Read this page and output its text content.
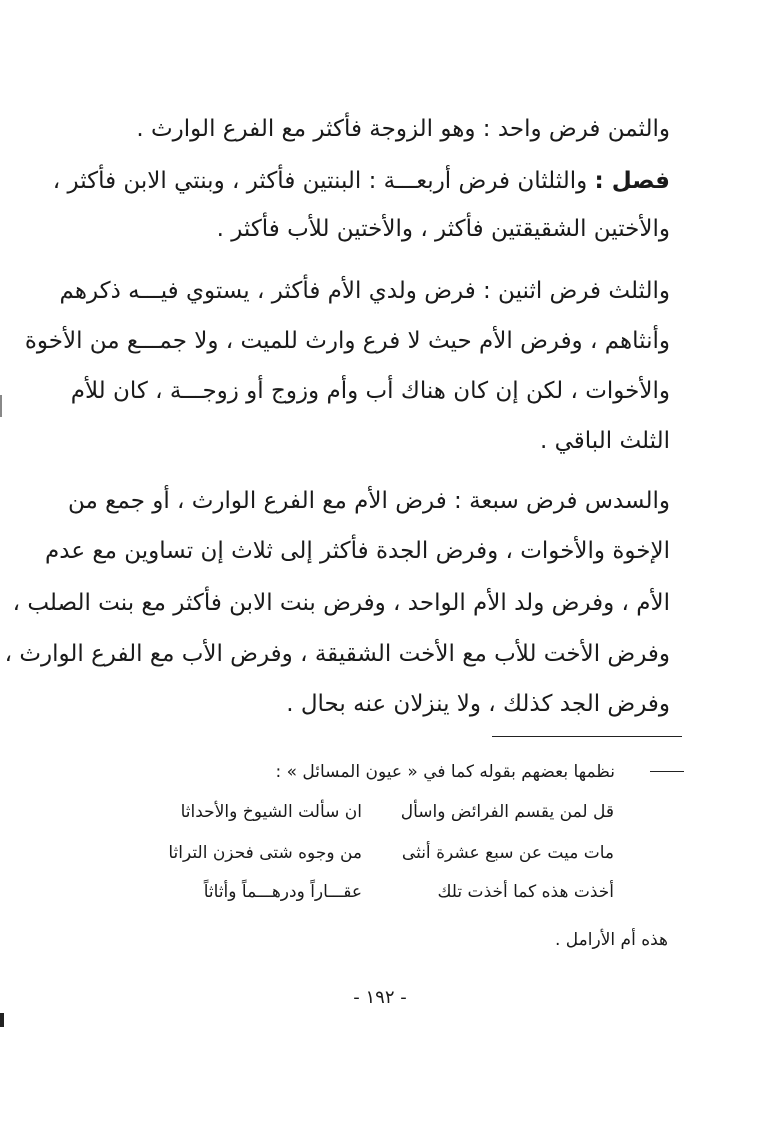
والثمن فرض واحد : وهو الزوجة فأكثر مع الفرع الوارث .
فصل : والثلثان فرض أربعـــة : البنتين فأكثر ، وبنتي الابن فأكثر ،
والأختين الشقيقتين فأكثر ، والأختين للأب فأكثر .
والثلث فرض اثنين : فرض ولدي الأم فأكثر ، يستوي فيـــه ذكرهم
وأنثاهم ، وفرض الأم حيث لا فرع وارث للميت ، ولا جمـــع من الأخوة
والأخوات ، لكن إن كان هناك أب وأم وزوج أو زوجـــة ، كان للأم
الثلث الباقي .
والسدس فرض سبعة : فرض الأم مع الفرع الوارث ، أو جمع من
الإخوة والأخوات ، وفرض الجدة فأكثر إلى ثلاث إن تساوين مع عدم
الأم ، وفرض ولد الأم الواحد ، وفرض بنت الابن فأكثر مع بنت الصلب ،
وفرض الأخت للأب مع الأخت الشقيقة ، وفرض الأب مع الفرع الوارث ،
وفرض الجد كذلك ، ولا ينزلان عنه بحال .
نظمها بعضهم بقوله كما في « عيون المسائل » :
قل لمن يقسم الفرائض واسأل
ان سألت الشيوخ والأحداثا
مات ميت عن سبع عشرة أنثى
من وجوه شتى فحزن التراثا
أخذت هذه كما أخذت تلك
عقـــاراً ودرهـــماً وأثاثاً
هذه أم الأرامل .
- ١٩٢ -
